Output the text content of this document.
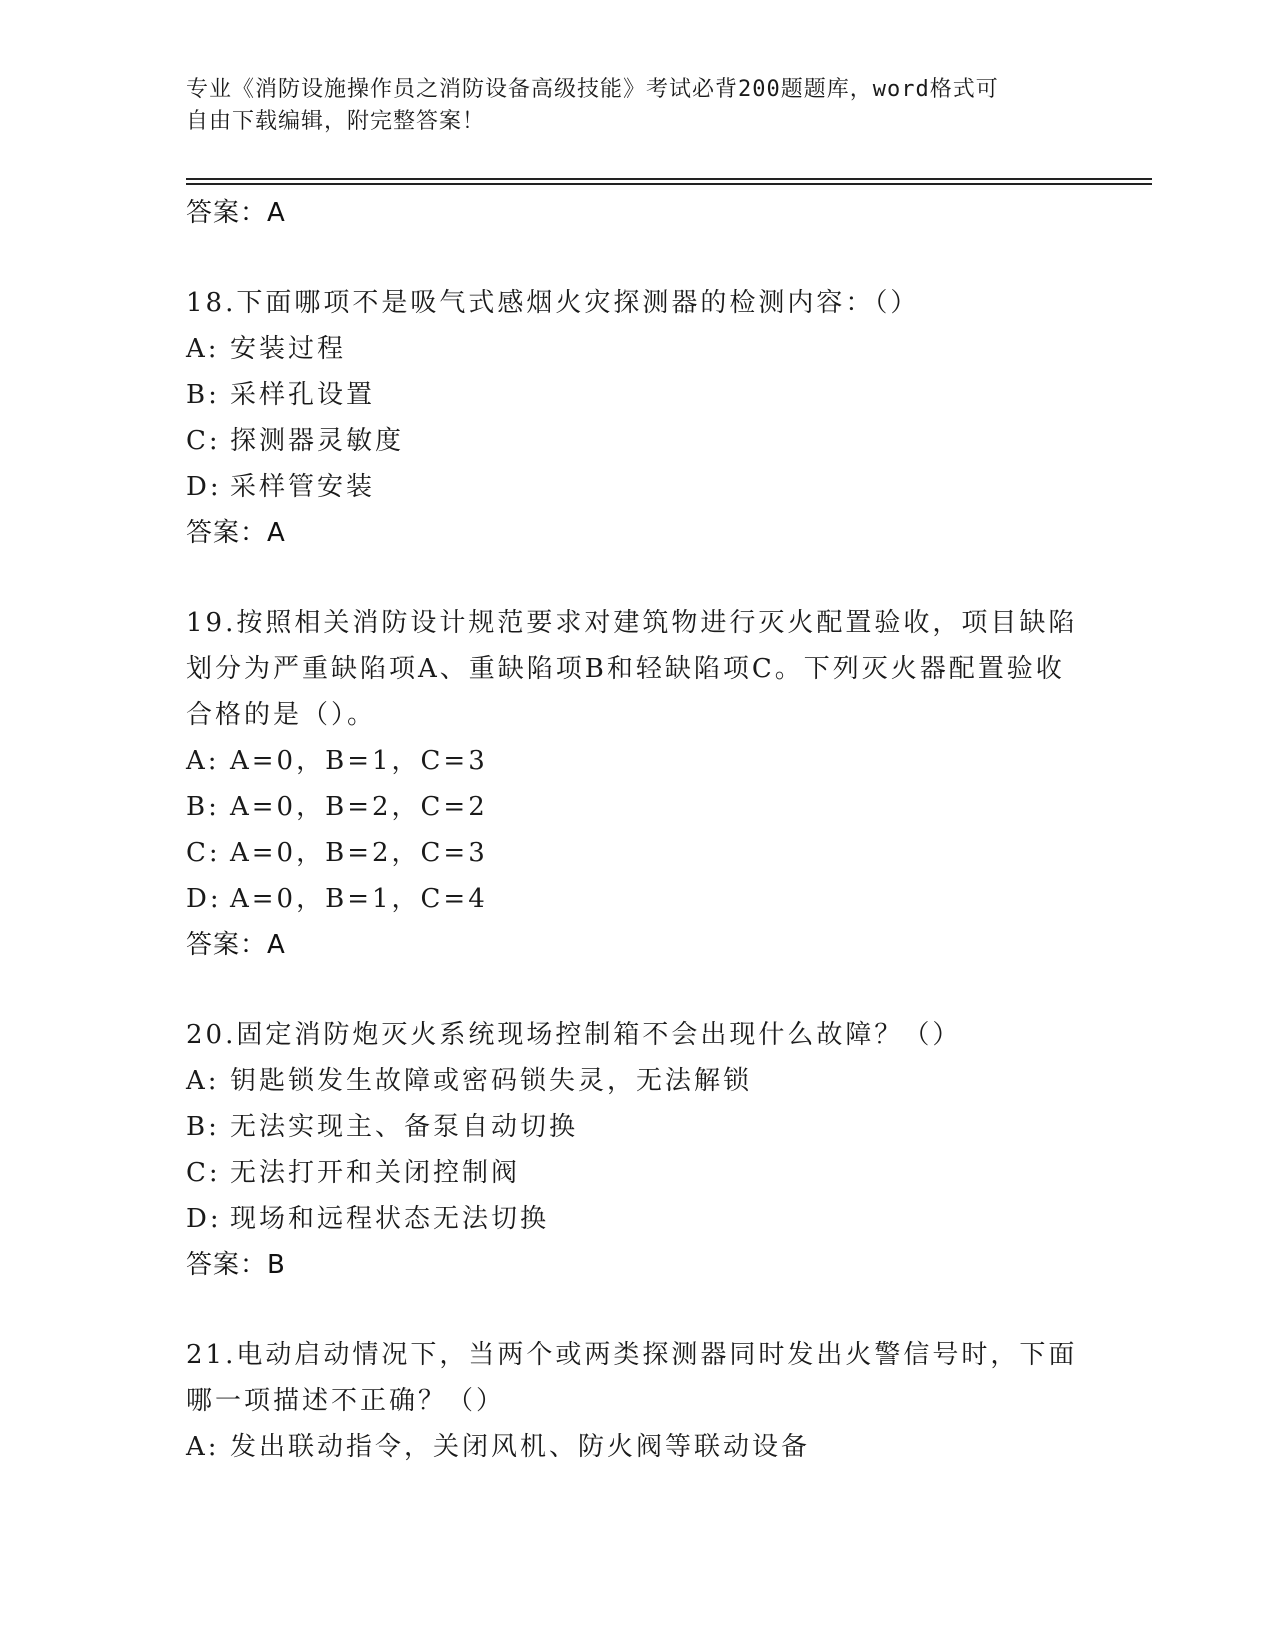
专业《消防设施操作员之消防设备高级技能》考试必背200题题库，word格式可
自由下载编辑，附完整答案！
答案：A
18.下面哪项不是吸气式感烟火灾探测器的检测内容：（）
A: 安装过程
B: 采样孔设置
C: 探测器灵敏度
D: 采样管安装
答案：A
19.按照相关消防设计规范要求对建筑物进行灭火配置验收，项目缺陷划分为严重缺陷项A、重缺陷项B和轻缺陷项C。下列灭火器配置验收合格的是（）。
A: A=0，B=1，C=3
B: A=0，B=2，C=2
C: A=0，B=2，C=3
D: A=0，B=1，C=4
答案：A
20.固定消防炮灭火系统现场控制箱不会出现什么故障？（）
A: 钥匙锁发生故障或密码锁失灵，无法解锁
B: 无法实现主、备泵自动切换
C: 无法打开和关闭控制阀
D: 现场和远程状态无法切换
答案：B
21.电动启动情况下，当两个或两类探测器同时发出火警信号时，下面哪一项描述不正确？（）
A: 发出联动指令，关闭风机、防火阀等联动设备
